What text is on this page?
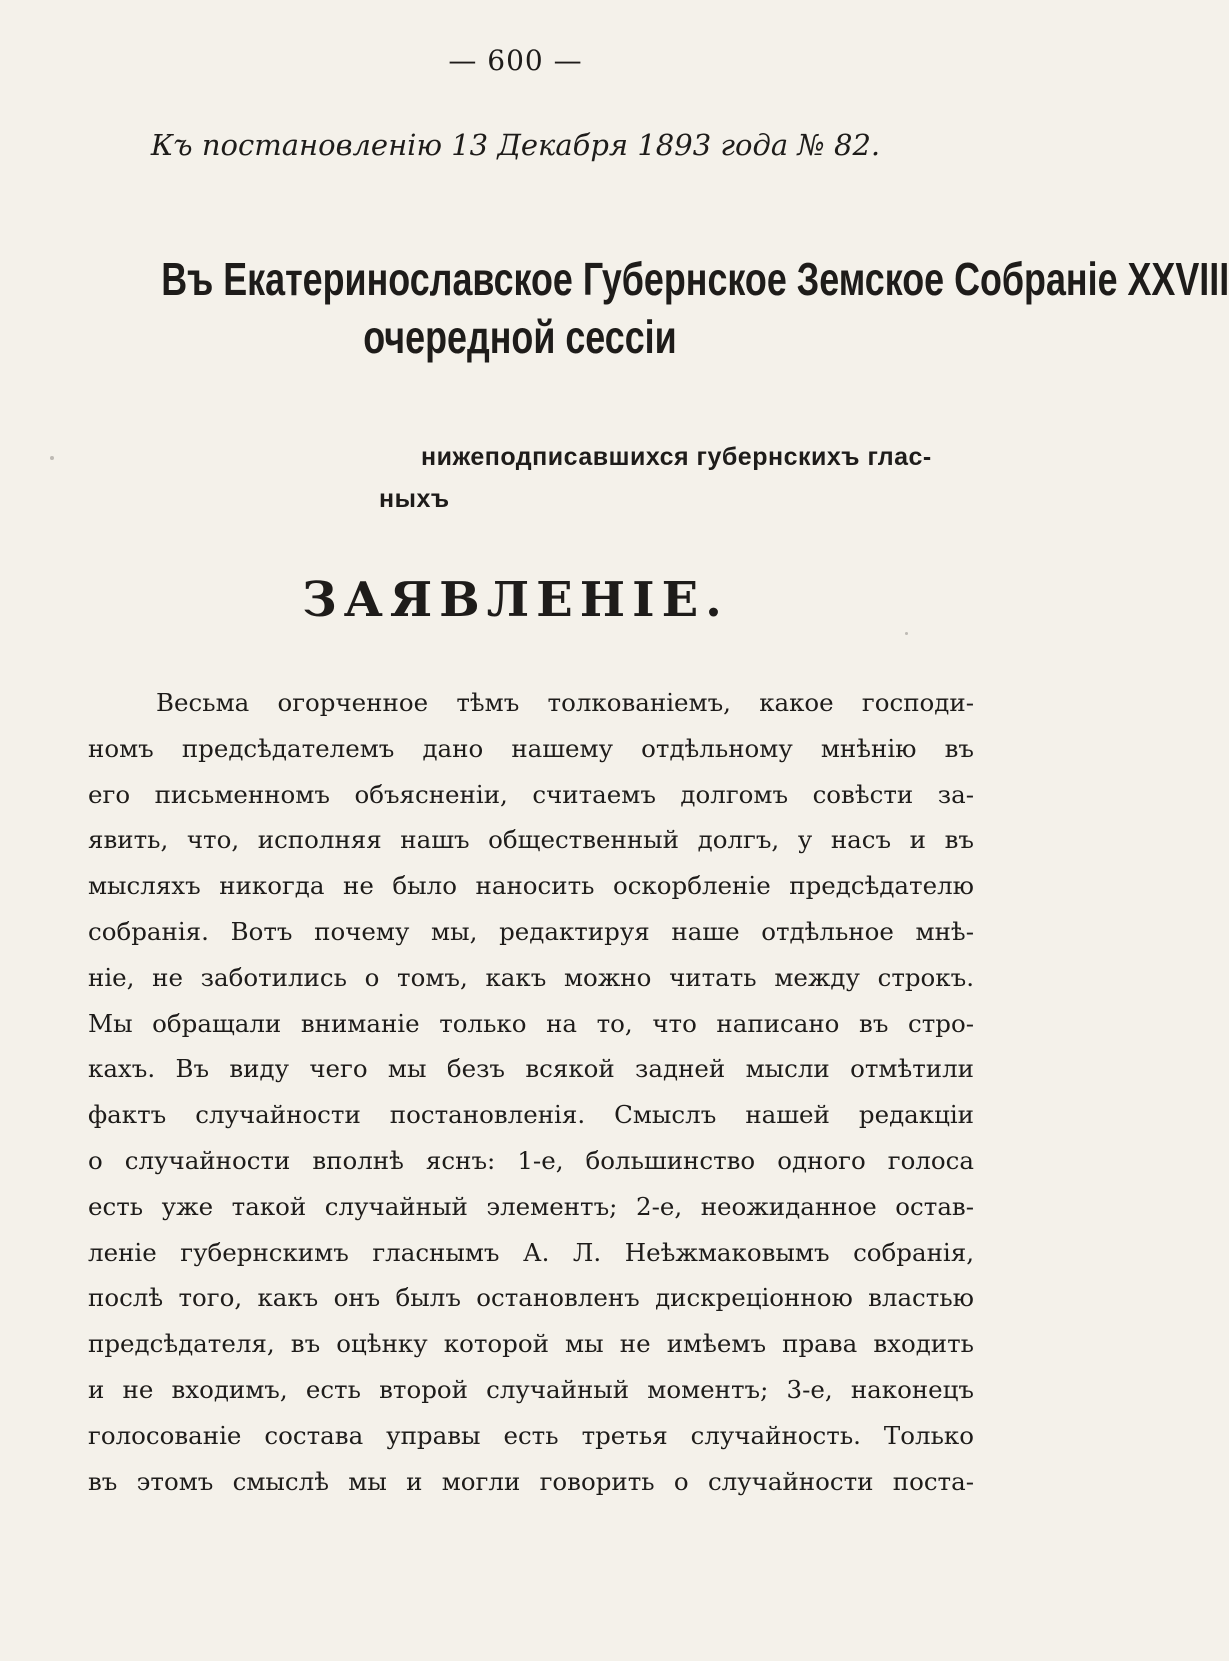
— 600 —
Къ постановленію 13 Декабря 1893 года № 82.
Въ Екатеринославское Губернское Земское Собраніе XXVIII
очередной сессіи
нижеподписавшихся губернскихъ глас-
ныхъ
ЗАЯВЛЕНІЕ.
Весьма огорченное тѣмъ толкованіемъ, какое господи-
номъ предсѣдателемъ дано нашему отдѣльному мнѣнію въ
его письменномъ объясненіи, считаемъ долгомъ совѣсти за-
явить, что, исполняя нашъ общественный долгъ, у насъ и въ
мысляхъ никогда не было наносить оскорбленіе предсѣдателю
собранія. Вотъ почему мы, редактируя наше отдѣльное мнѣ-
ніе, не заботились о томъ, какъ можно читать между строкъ.
Мы обращали вниманіе только на то, что написано въ стро-
кахъ. Въ виду чего мы безъ всякой задней мысли отмѣтили
фактъ случайности постановленія. Смыслъ нашей редакціи
о случайности вполнѣ яснъ: 1-е, большинство одного голоса
есть уже такой случайный элементъ; 2-е, неожиданное остав-
леніе губернскимъ гласнымъ А. Л. Неѣжмаковымъ собранія,
послѣ того, какъ онъ былъ остановленъ дискреціонною властью
предсѣдателя, въ оцѣнку которой мы не имѣемъ права входить
и не входимъ, есть второй случайный моментъ; 3-е, наконецъ
голосованіе состава управы есть третья случайность. Только
въ этомъ смыслѣ мы и могли говорить о случайности поста-
